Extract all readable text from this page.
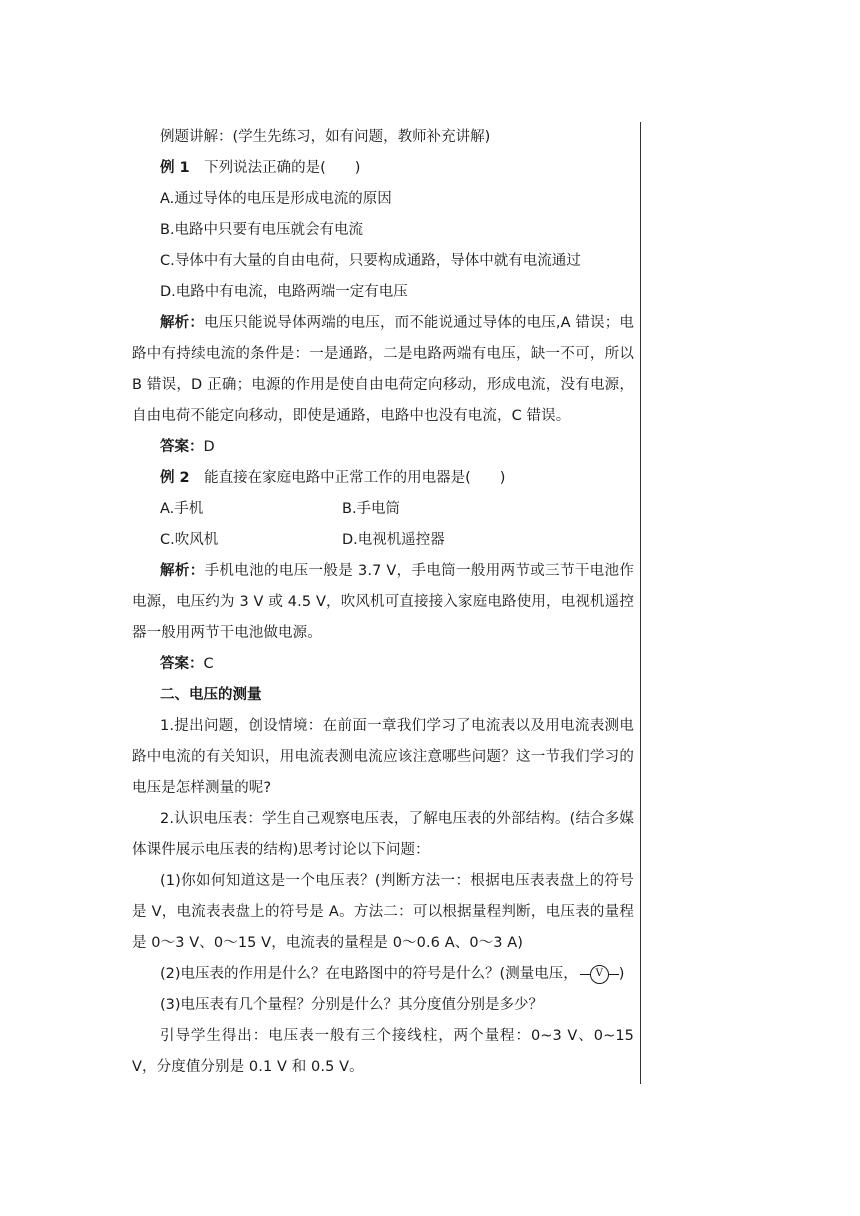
例题讲解：(学生先练习，如有问题，教师补充讲解)

例 1　下列说法正确的是(　　)

A.通过导体的电压是形成电流的原因

B.电路中只要有电压就会有电流

C.导体中有大量的自由电荷，只要构成通路，导体中就有电流通过

D.电路中有电流，电路两端一定有电压

解析：电压只能说导体两端的电压，而不能说通过导体的电压,A 错误；电路中有持续电流的条件是：一是通路，二是电路两端有电压，缺一不可，所以 B 错误，D 正确；电源的作用是使自由电荷定向移动，形成电流，没有电源，自由电荷不能定向移动，即使是通路，电路中也没有电流，C 错误。

答案：D

例 2　能直接在家庭电路中正常工作的用电器是(　　)

A.手机	B.手电筒
C.吹风机	D.电视机遥控器

解析：手机电池的电压一般是 3.7 V，手电筒一般用两节或三节干电池作电源，电压约为 3 V 或 4.5 V，吹风机可直接接入家庭电路使用，电视机遥控器一般用两节干电池做电源。

答案：C

二、电压的测量

1.提出问题，创设情境：在前面一章我们学习了电流表以及用电流表测电路中电流的有关知识，用电流表测电流应该注意哪些问题？这一节我们学习的电压是怎样测量的呢?

2.认识电压表：学生自己观察电压表，了解电压表的外部结构。(结合多媒体课件展示电压表的结构)思考讨论以下问题：

(1)你如何知道这是一个电压表？(判断方法一：根据电压表表盘上的符号是 V，电流表表盘上的符号是 A。方法二：可以根据量程判断，电压表的量程是 0～3 V、0～15 V，电流表的量程是 0～0.6 A、0～3 A)

(2)电压表的作用是什么？在电路图中的符号是什么？(测量电压，	V	)

(3)电压表有几个量程？分别是什么？其分度值分别是多少？

引导学生得出：电压表一般有三个接线柱，两个量程：0~3 V、0~15 V，分度值分别是 0.1 V 和 0.5 V。
